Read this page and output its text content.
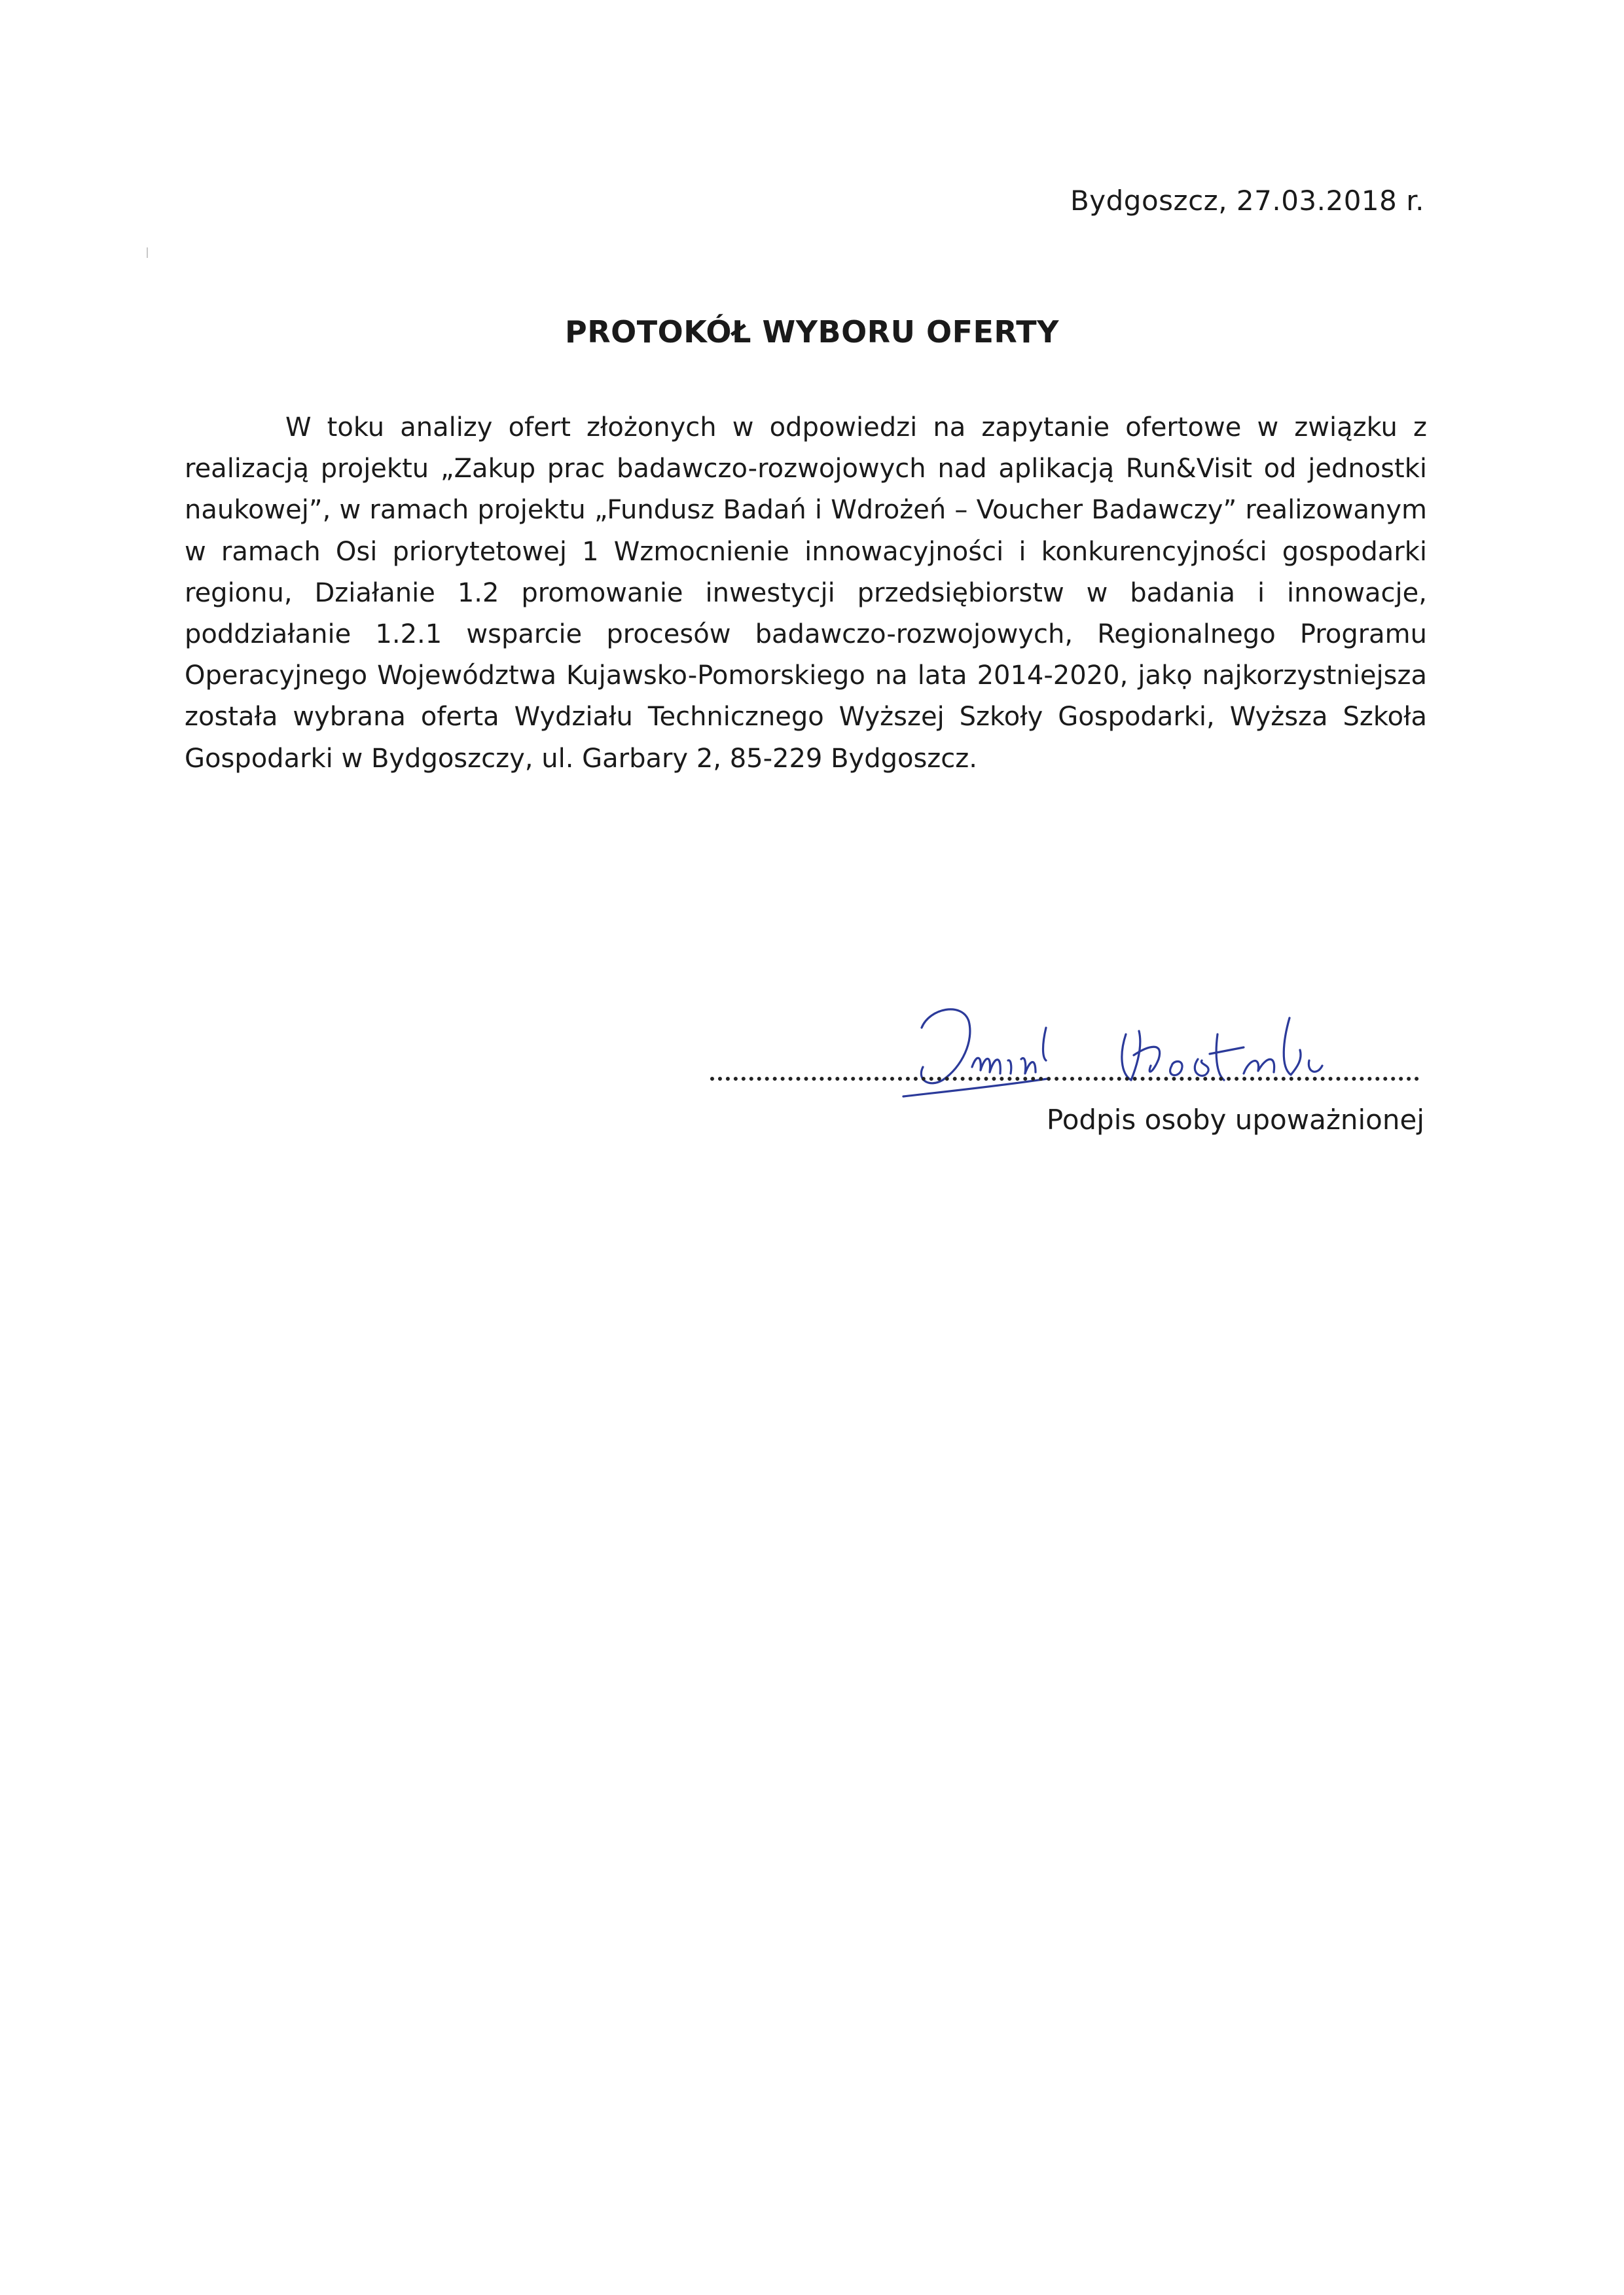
Bydgoszcz, 27.03.2018 r.
PROTOKÓŁ WYBORU OFERTY

W toku analizy ofert złożonych w odpowiedzi na zapytanie ofertowe w związku z realizacją projektu „Zakup prac badawczo-rozwojowych nad aplikacją Run&Visit od jednostki naukowej”, w ramach projektu „Fundusz Badań i Wdrożeń – Voucher Badawczy” realizowanym w ramach Osi priorytetowej 1 Wzmocnienie innowacyjności i konkurencyjności gospodarki regionu, Działanie 1.2 promowanie inwestycji przedsiębiorstw w badania i innowacje, poddziałanie 1.2.1 wsparcie procesów badawczo-rozwojowych, Regionalnego Programu Operacyjnego Województwa Kujawsko-Pomorskiego na lata 2014-2020, jakọ najkorzystniejsza została wybrana oferta Wydziału Technicznego Wyższej Szkoły Gospodarki, Wyższa Szkoła Gospodarki w Bydgoszczy, ul. Garbary 2, 85-229 Bydgoszcz.

Podpis osoby upoważnionej
